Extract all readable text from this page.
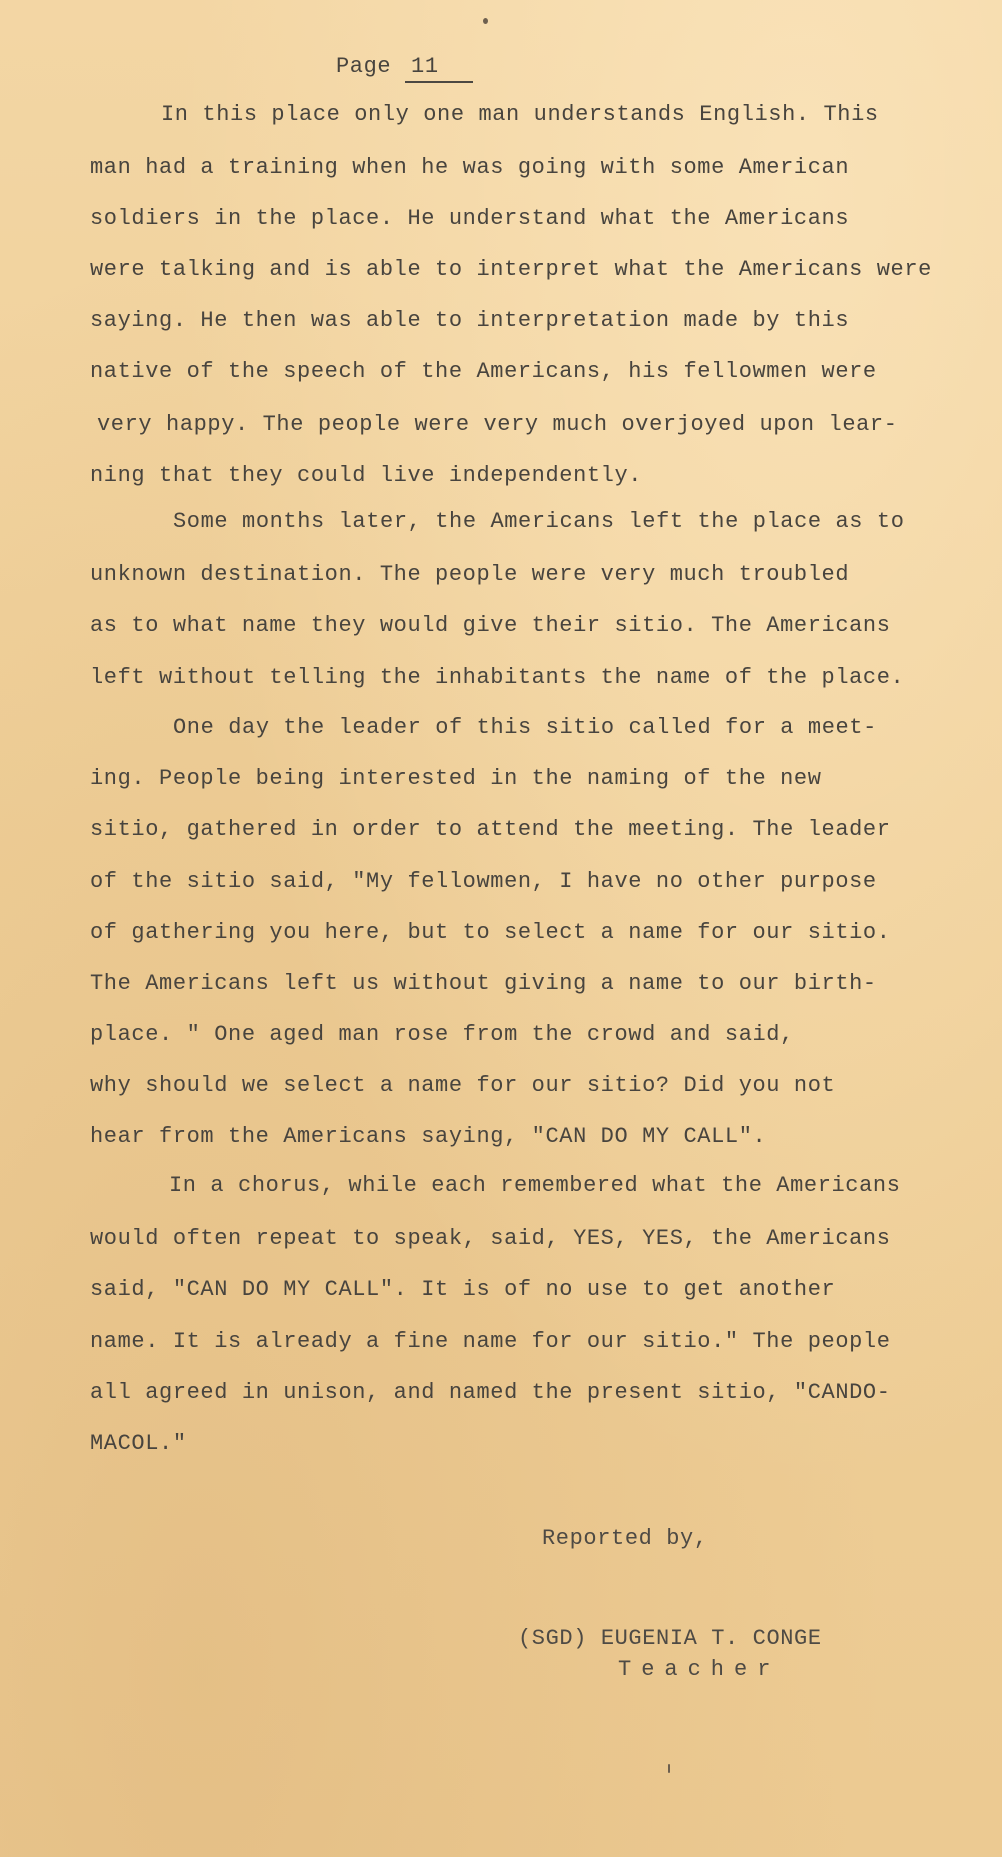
Page 11
In this place only one man understands English. This
man had a training when he was going with some American
soldiers in the place. He understand what the Americans
were talking and is able to interpret what the Americans were
saying. He then was able to interpretation made by this
native of the speech of the Americans, his fellowmen were
very happy. The people were very much overjoyed upon lear-
ning that they could live independently.
Some months later, the Americans left the place as to
unknown destination. The people were very much troubled
as to what name they would give their sitio. The Americans
left without telling the inhabitants the name of the place.
One day the leader of this sitio called for a meet-
ing. People being interested in the naming of the new
sitio, gathered in order to attend the meeting. The leader
of the sitio said, "My fellowmen, I have no other purpose
of gathering you here, but to select a name for our sitio.
The Americans left us without giving a name to our birth-
place. " One aged man rose from the crowd and said,
why should we select a name for our sitio? Did you not
hear from the Americans saying, "CAN DO MY CALL".
In a chorus, while each remembered what the Americans
would often repeat to speak, said, YES, YES, the Americans
said, "CAN DO MY CALL". It is of no use to get another
name. It is already a fine name for our sitio." The people
all agreed in unison, and named the present sitio, "CANDO-
MACOL."
Reported by,
(SGD) EUGENIA T. CONGE
Teacher
